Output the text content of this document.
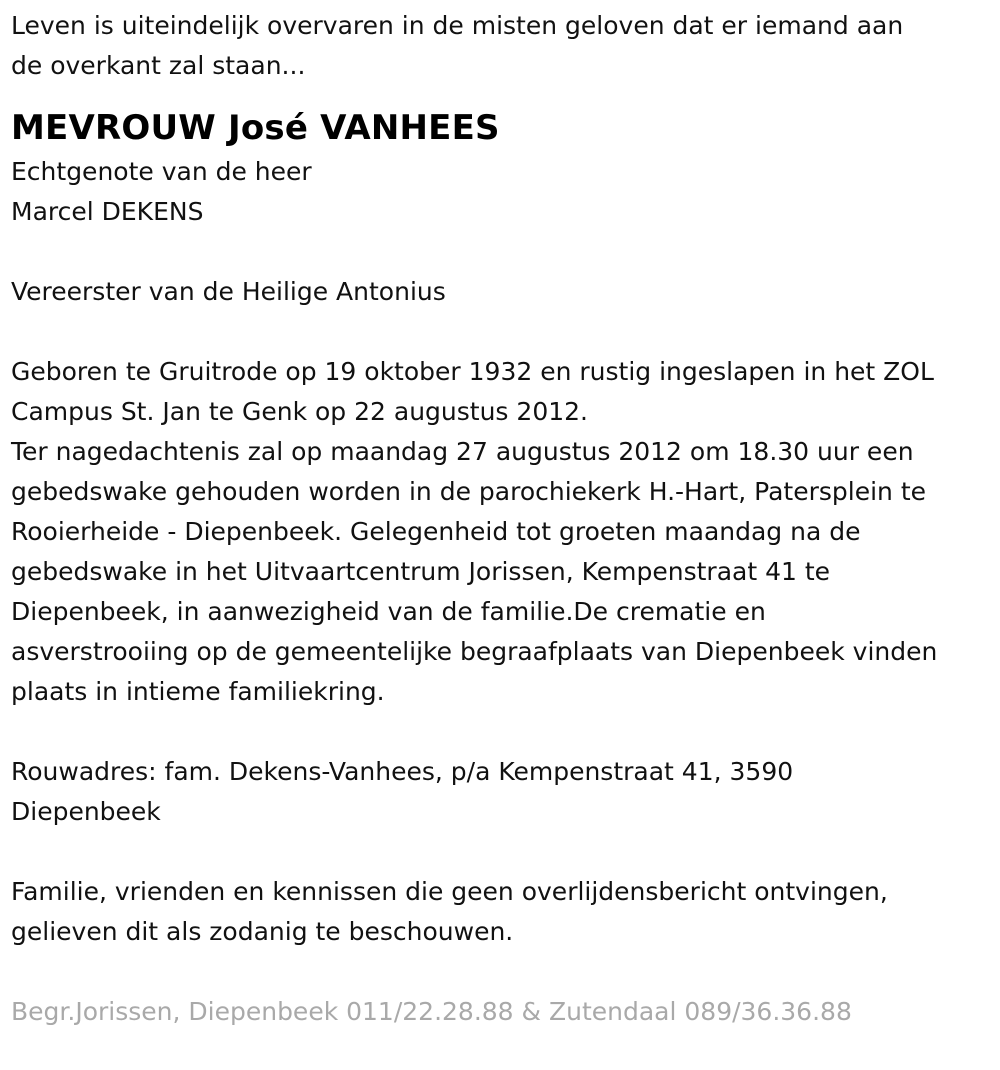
Leven is uiteindelijk overvaren in de misten geloven dat er iemand aan
de overkant zal staan...
MEVROUW José VANHEES
Echtgenote van de heer
Marcel DEKENS
Vereerster van de Heilige Antonius
Geboren te Gruitrode op 19 oktober 1932 en rustig ingeslapen in het ZOL
Campus St. Jan te Genk op 22 augustus 2012.
Ter nagedachtenis zal op maandag 27 augustus 2012 om 18.30 uur een
gebedswake gehouden worden in de parochiekerk H.-Hart, Patersplein te
Rooierheide - Diepenbeek. Gelegenheid tot groeten maandag na de
gebedswake in het Uitvaartcentrum Jorissen, Kempenstraat 41 te
Diepenbeek, in aanwezigheid van de familie.De crematie en
asverstrooiing op de gemeentelijke begraafplaats van Diepenbeek vinden
plaats in intieme familiekring.
Rouwadres: fam. Dekens-Vanhees, p/a Kempenstraat 41, 3590
Diepenbeek
Familie, vrienden en kennissen die geen overlijdensbericht ontvingen,
gelieven dit als zodanig te beschouwen.
Begr.Jorissen, Diepenbeek 011/22.28.88 & Zutendaal 089/36.36.88
